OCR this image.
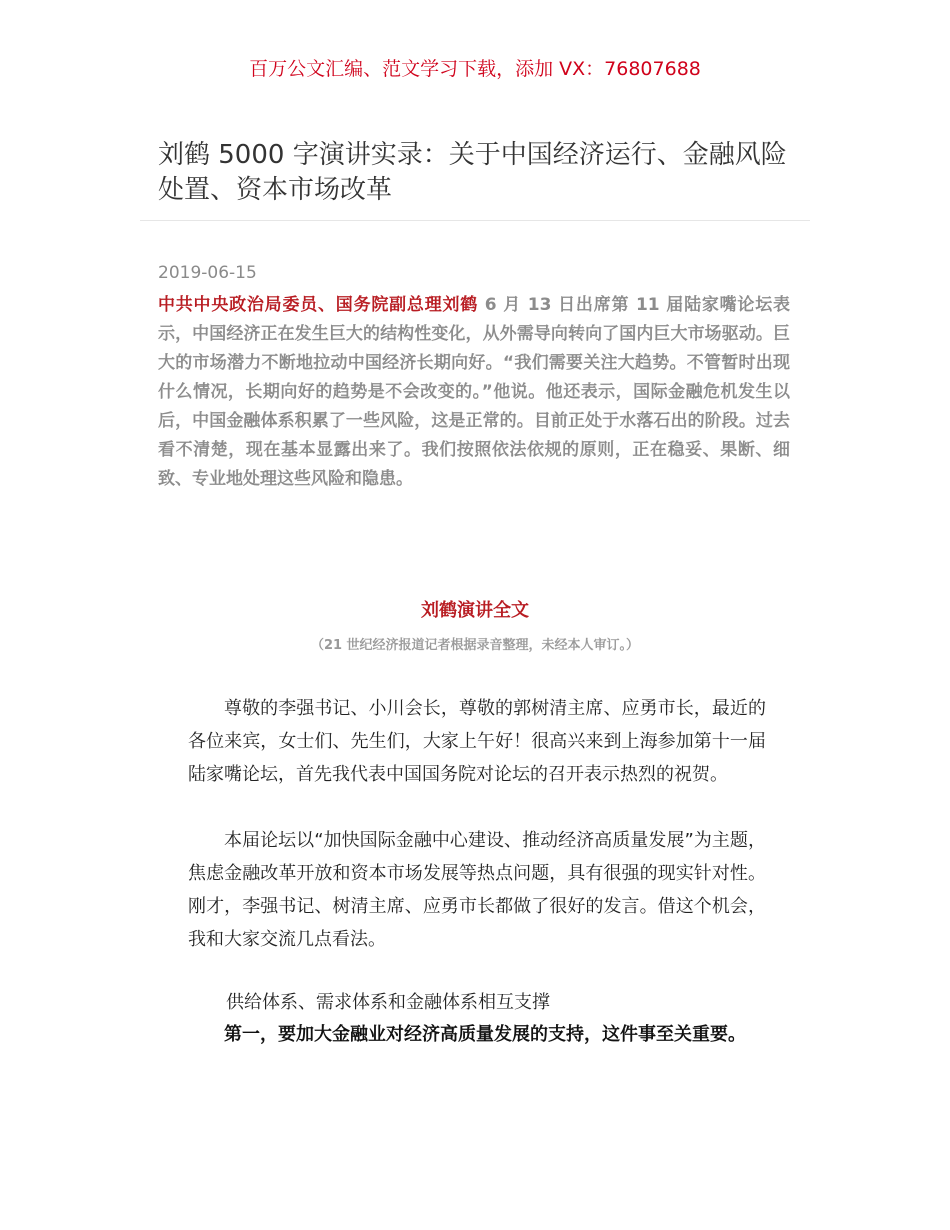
百万公文汇编、范文学习下载，添加 VX：76807688
刘鹤 5000 字演讲实录：关于中国经济运行、金融风险处置、资本市场改革
2019-06-15

中共中央政治局委员、国务院副总理刘鹤 6 月 13 日出席第 11 届陆家嘴论坛表示，中国经济正在发生巨大的结构性变化，从外需导向转向了国内巨大市场驱动。巨大的市场潜力不断地拉动中国经济长期向好。“我们需要关注大趋势。不管暂时出现什么情况，长期向好的趋势是不会改变的。”他说。他还表示，国际金融危机发生以后，中国金融体系积累了一些风险，这是正常的。目前正处于水落石出的阶段。过去看不清楚，现在基本显露出来了。我们按照依法依规的原则，正在稳妥、果断、细致、专业地处理这些风险和隐患。

刘鹤演讲全文
（21 世纪经济报道记者根据录音整理，未经本人审订。）

尊敬的李强书记、小川会长，尊敬的郭树清主席、应勇市长，最近的各位来宾，女士们、先生们，大家上午好！很高兴来到上海参加第十一届陆家嘴论坛，首先我代表中国国务院对论坛的召开表示热烈的祝贺。

本届论坛以“加快国际金融中心建设、推动经济高质量发展”为主题，焦虑金融改革开放和资本市场发展等热点问题，具有很强的现实针对性。刚才，李强书记、树清主席、应勇市长都做了很好的发言。借这个机会，我和大家交流几点看法。

供给体系、需求体系和金融体系相互支撑

第一，要加大金融业对经济高质量发展的支持，这件事至关重要。
